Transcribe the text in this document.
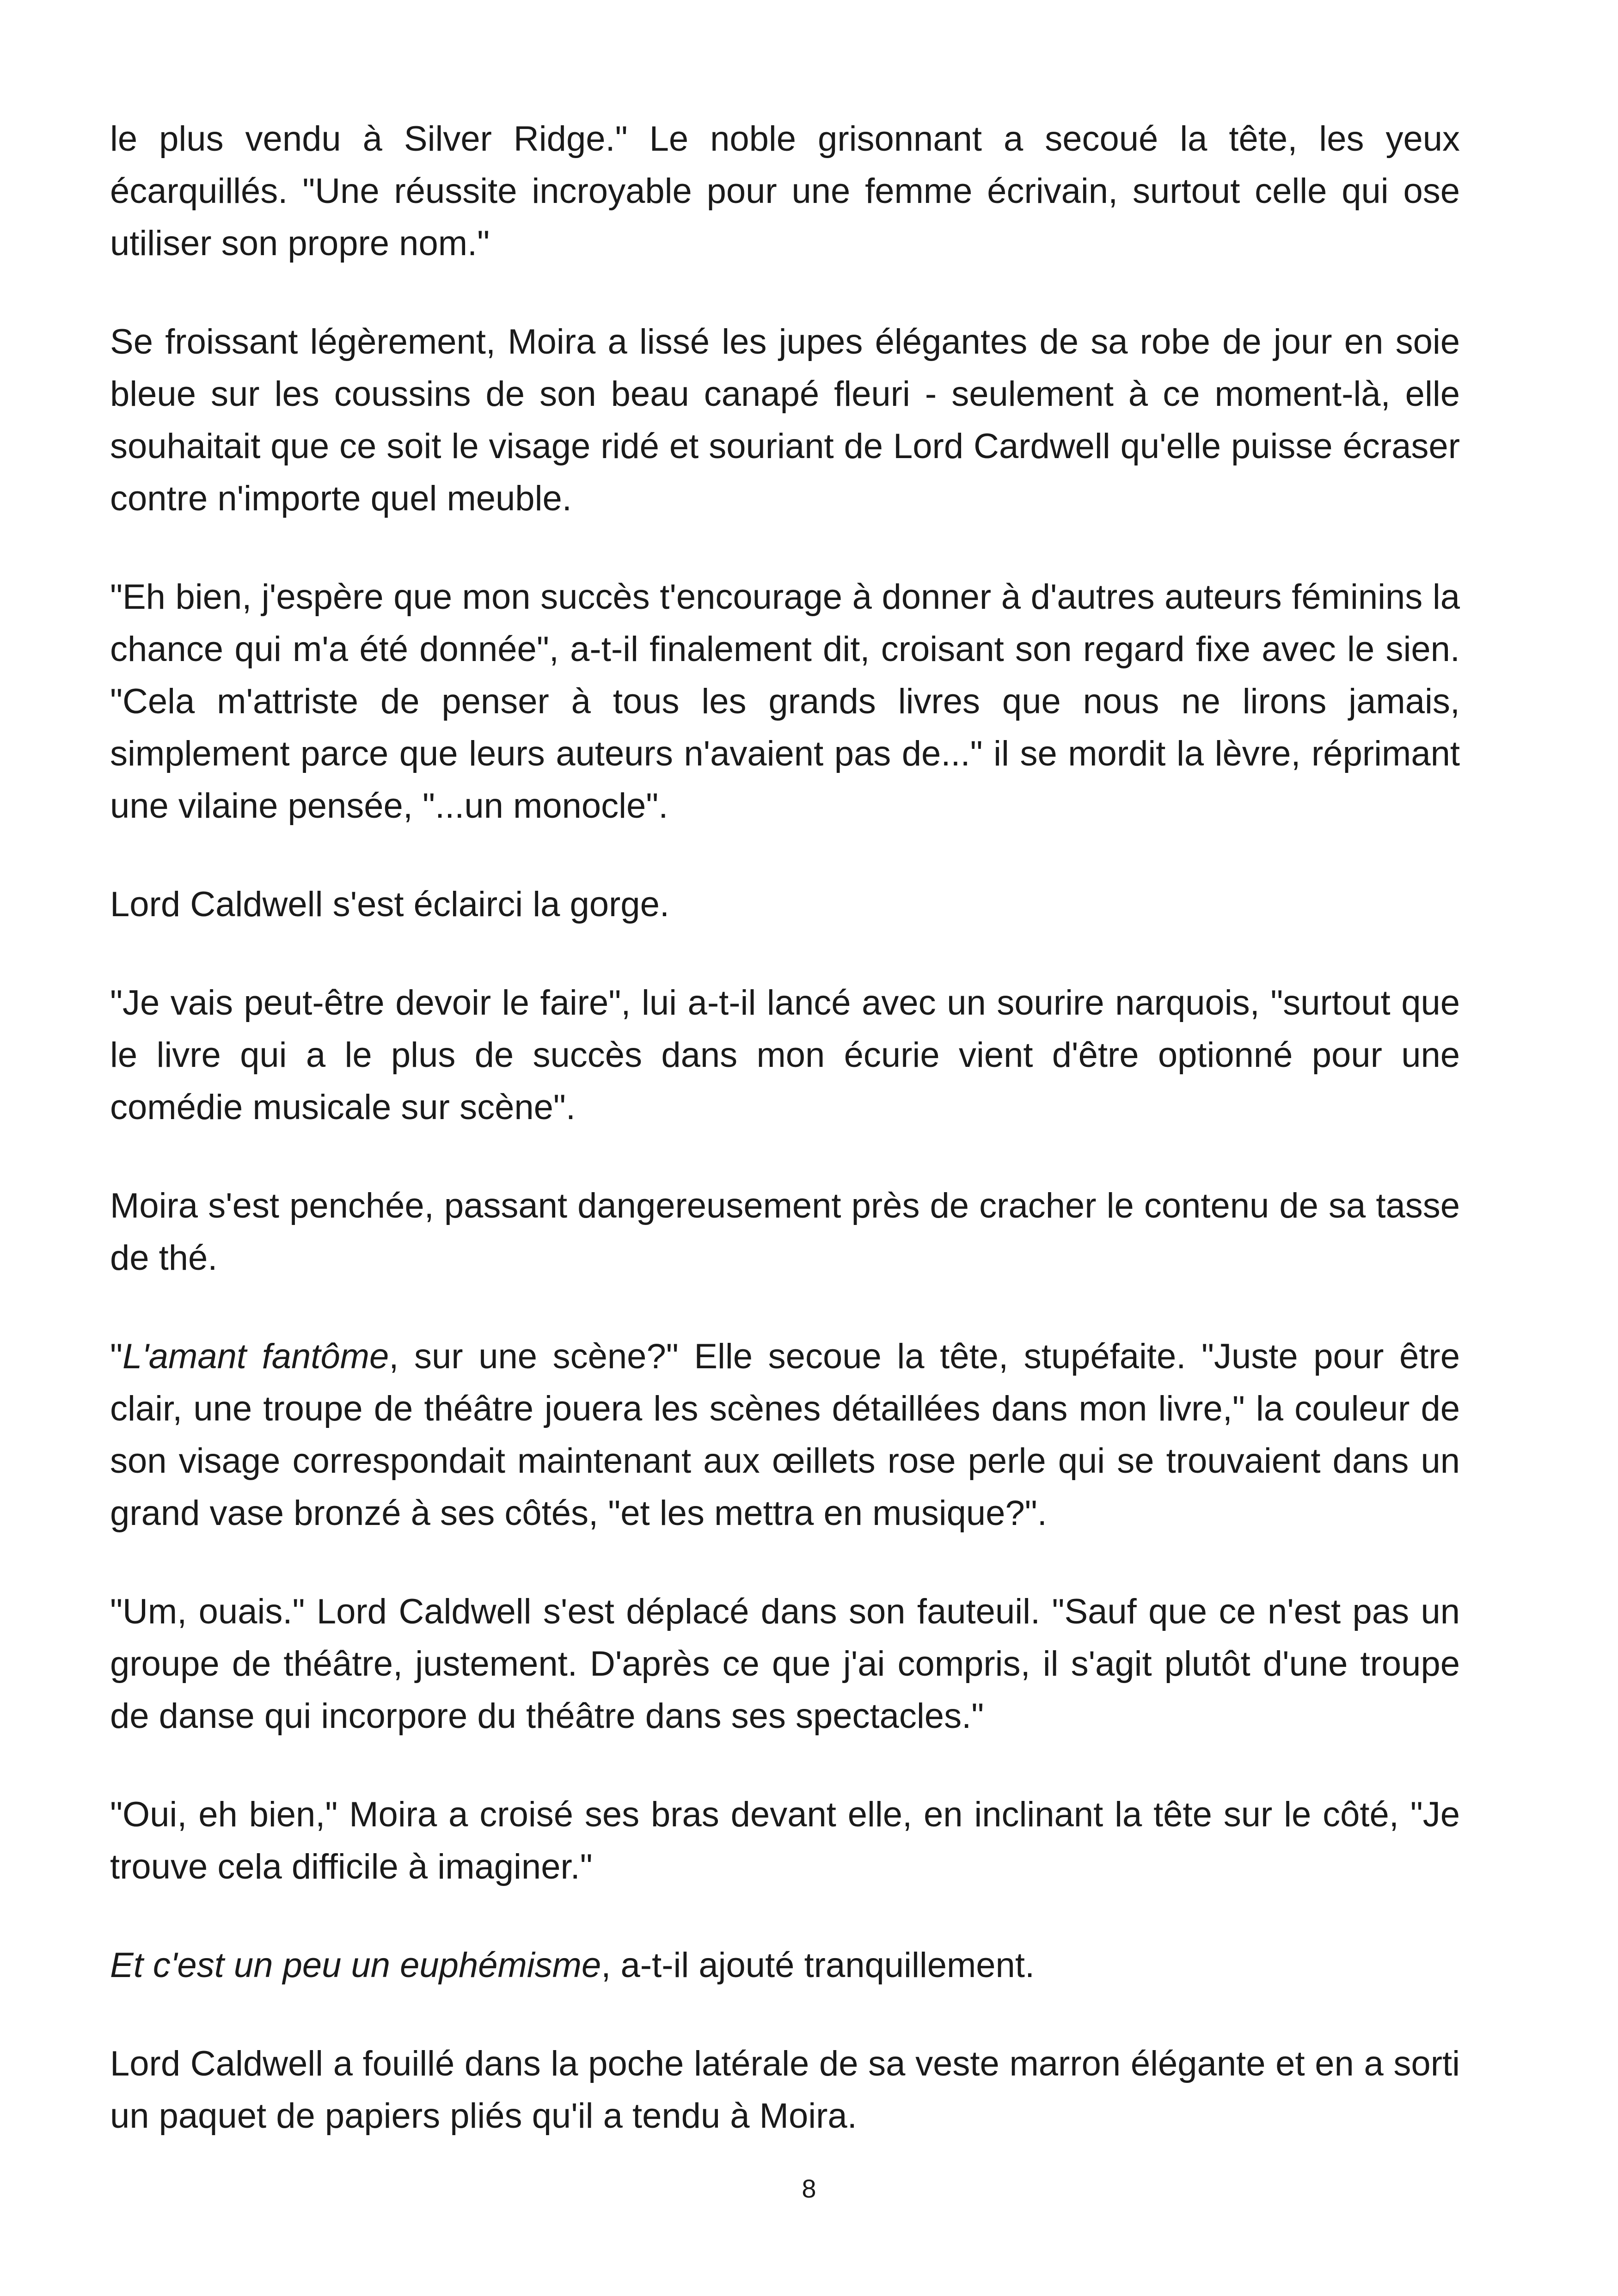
le plus vendu à Silver Ridge." Le noble grisonnant a secoué la tête, les yeux écarquillés. "Une réussite incroyable pour une femme écrivain, surtout celle qui ose utiliser son propre nom."

Se froissant légèrement, Moira a lissé les jupes élégantes de sa robe de jour en soie bleue sur les coussins de son beau canapé fleuri - seulement à ce moment-là, elle souhaitait que ce soit le visage ridé et souriant de Lord Cardwell qu'elle puisse écraser contre n'importe quel meuble.

"Eh bien, j'espère que mon succès t'encourage à donner à d'autres auteurs féminins la chance qui m'a été donnée", a-t-il finalement dit, croisant son regard fixe avec le sien. "Cela m'attriste de penser à tous les grands livres que nous ne lirons jamais, simplement parce que leurs auteurs n'avaient pas de..." il se mordit la lèvre, réprimant une vilaine pensée, "...un monocle".

Lord Caldwell s'est éclairci la gorge.

"Je vais peut-être devoir le faire", lui a-t-il lancé avec un sourire narquois, "surtout que le livre qui a le plus de succès dans mon écurie vient d'être optionné pour une comédie musicale sur scène".

Moira s'est penchée, passant dangereusement près de cracher le contenu de sa tasse de thé.

"L'amant fantôme, sur une scène?" Elle secoue la tête, stupéfaite. "Juste pour être clair, une troupe de théâtre jouera les scènes détaillées dans mon livre," la couleur de son visage correspondait maintenant aux œillets rose perle qui se trouvaient dans un grand vase bronzé à ses côtés, "et les mettra en musique?".

"Um, ouais." Lord Caldwell s'est déplacé dans son fauteuil. "Sauf que ce n'est pas un groupe de théâtre, justement. D'après ce que j'ai compris, il s'agit plutôt d'une troupe de danse qui incorpore du théâtre dans ses spectacles."

"Oui, eh bien," Moira a croisé ses bras devant elle, en inclinant la tête sur le côté, "Je trouve cela difficile à imaginer."

Et c'est un peu un euphémisme, a-t-il ajouté tranquillement.

Lord Caldwell a fouillé dans la poche latérale de sa veste marron élégante et en a sorti un paquet de papiers pliés qu'il a tendu à Moira.

8
